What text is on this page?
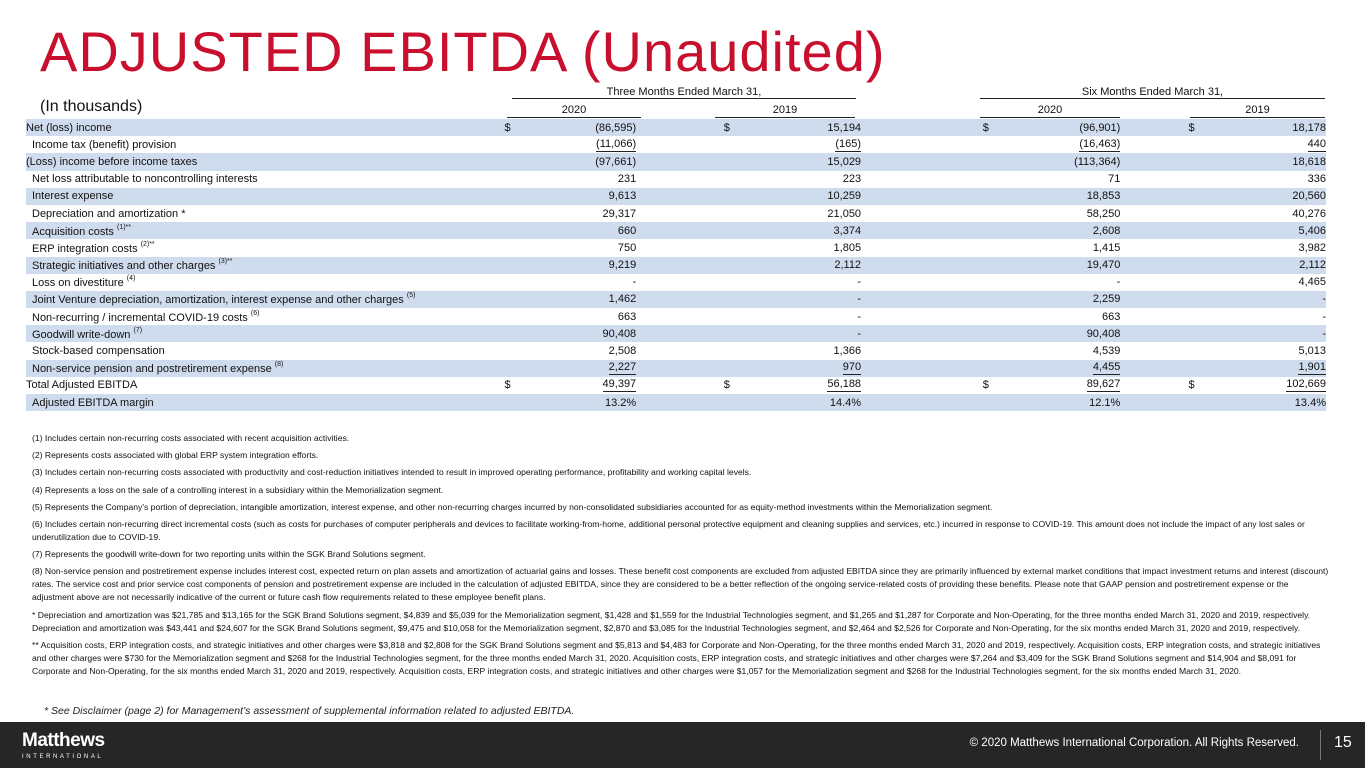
ADJUSTED EBITDA (Unaudited)
(In thousands)
Three Months Ended March 31,	Six Months Ended March 31,
2020	2019	2020	2019
Net (loss) income	$	(86,595)		$	15,194		$	(96,901)		$	18,178
Income tax (benefit) provision		(11,066)			(165)			(16,463)			440
(Loss) income before income taxes		(97,661)			15,029			(113,364)			18,618
Net loss attributable to noncontrolling interests		231			223			71			336
Interest expense		9,613			10,259			18,853			20,560
Depreciation and amortization *		29,317			21,050			58,250			40,276
Acquisition costs $^{(1)**}$		660			3,374			2,608			5,406
ERP integration costs $^{(2)**}$		750			1,805			1,415			3,982
Strategic initiatives and other charges $^{(3)**}$		9,219			2,112			19,470			2,112
Loss on divestiture $^{(4)}$		-			-			-			4,465
Joint Venture depreciation, amortization, interest expense and other charges $^{(5)}$		1,462			-			2,259			-
Non-recurring / incremental COVID-19 costs $^{(6)}$		663			-			663			-
Goodwill write-down $^{(7)}$		90,408			-			90,408			-
Stock-based compensation		2,508			1,366			4,539			5,013
Non-service pension and postretirement expense $^{(8)}$		2,227			970			4,455			1,901
Total Adjusted EBITDA	$	49,397		$	56,188		$	89,627		$	102,669
Adjusted EBITDA margin		13.2%			14.4%			12.1%			13.4%

(1) Includes certain non-recurring costs associated with recent acquisition activities.

(2) Represents costs associated with global ERP system integration efforts.

(3) Includes certain non-recurring costs associated with productivity and cost-reduction initiatives intended to result in improved operating performance, profitability and working capital levels.

(4) Represents a loss on the sale of a controlling interest in a subsidiary within the Memorialization segment.

(5) Represents the Company's portion of depreciation, intangible amortization, interest expense, and other non-recurring charges incurred by non-consolidated subsidiaries accounted for as equity-method investments within the Memorialization segment.

(6) Includes certain non-recurring direct incremental costs (such as costs for purchases of computer peripherals and devices to facilitate working-from-home, additional personal protective equipment and cleaning supplies and services, etc.) incurred in response to COVID-19. This amount does not include the impact of any lost sales or underutilization due to COVID-19.

(7) Represents the goodwill write-down for two reporting units within the SGK Brand Solutions segment.

(8) Non-service pension and postretirement expense includes interest cost, expected return on plan assets and amortization of actuarial gains and losses. These benefit cost components are excluded from adjusted EBITDA since they are primarily influenced by external market conditions that impact investment returns and interest (discount) rates. The service cost and prior service cost components of pension and postretirement expense are included in the calculation of adjusted EBITDA, since they are considered to be a better reflection of the ongoing service-related costs of providing these benefits. Please note that GAAP pension and postretirement expense or the adjustment above are not necessarily indicative of the current or future cash flow requirements related to these employee benefit plans.

* Depreciation and amortization was $21,785 and $13,165 for the SGK Brand Solutions segment, $4,839 and $5,039 for the Memorialization segment, $1,428 and $1,559 for the Industrial Technologies segment, and $1,265 and $1,287 for Corporate and Non-Operating, for the three months ended March 31, 2020 and 2019, respectively. Depreciation and amortization was $43,441 and $24,607 for the SGK Brand Solutions segment, $9,475 and $10,058 for the Memorialization segment, $2,870 and $3,085 for the Industrial Technologies segment, and $2,464 and $2,526 for Corporate and Non-Operating, for the six months ended March 31, 2020 and 2019, respectively.

** Acquisition costs, ERP integration costs, and strategic initiatives and other charges were $3,818 and $2,808 for the SGK Brand Solutions segment and $5,813 and $4,483 for Corporate and Non-Operating, for the three months ended March 31, 2020 and 2019, respectively. Acquisition costs, ERP integration costs, and strategic initiatives and other charges were $730 for the Memorialization segment and $268 for the Industrial Technologies segment, for the three months ended March 31, 2020. Acquisition costs, ERP integration costs, and strategic initiatives and other charges were $7,264 and $3,409 for the SGK Brand Solutions segment and $14,904 and $8,091 for Corporate and Non-Operating, for the six months ended March 31, 2020 and 2019, respectively. Acquisition costs, ERP integration costs, and strategic initiatives and other charges were $1,057 for the Memorialization segment and $268 for the Industrial Technologies segment, for the six months ended March 31, 2020.

* See Disclaimer (page 2) for Management’s assessment of supplemental information related to adjusted EBITDA.
Matthews
INTERNATIONAL
© 2020 Matthews International Corporation. All Rights Reserved. 15
